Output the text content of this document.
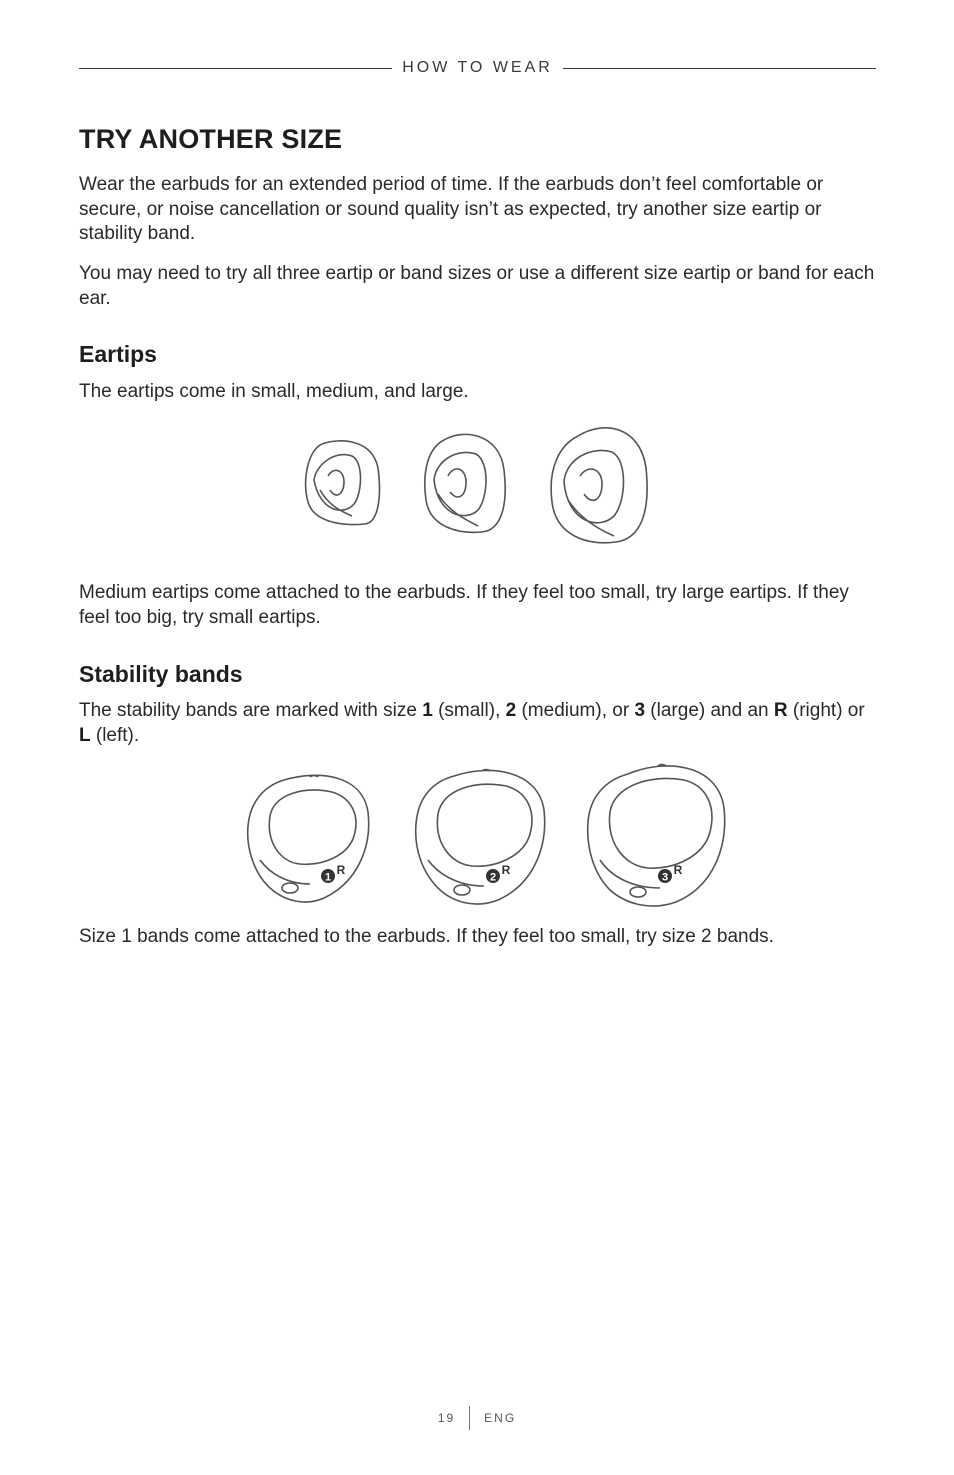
HOW TO WEAR
TRY ANOTHER SIZE

Wear the earbuds for an extended period of time. If the earbuds don’t feel comfortable or secure, or noise cancellation or sound quality isn’t as expected, try another size eartip or stability band.

You may need to try all three eartip or band sizes or use a different size eartip or band for each ear.

Eartips

The eartips come in small, medium, and large.

Medium eartips come attached to the earbuds. If they feel too small, try large eartips. If they feel too big, try small eartips.

Stability bands

The stability bands are marked with size 1 (small), 2 (medium), or 3 (large) and an R (right) or L (left).

1
R
2
R
3
R

Size 1 bands come attached to the earbuds. If they feel too small, try size 2 bands.

19 ENG
